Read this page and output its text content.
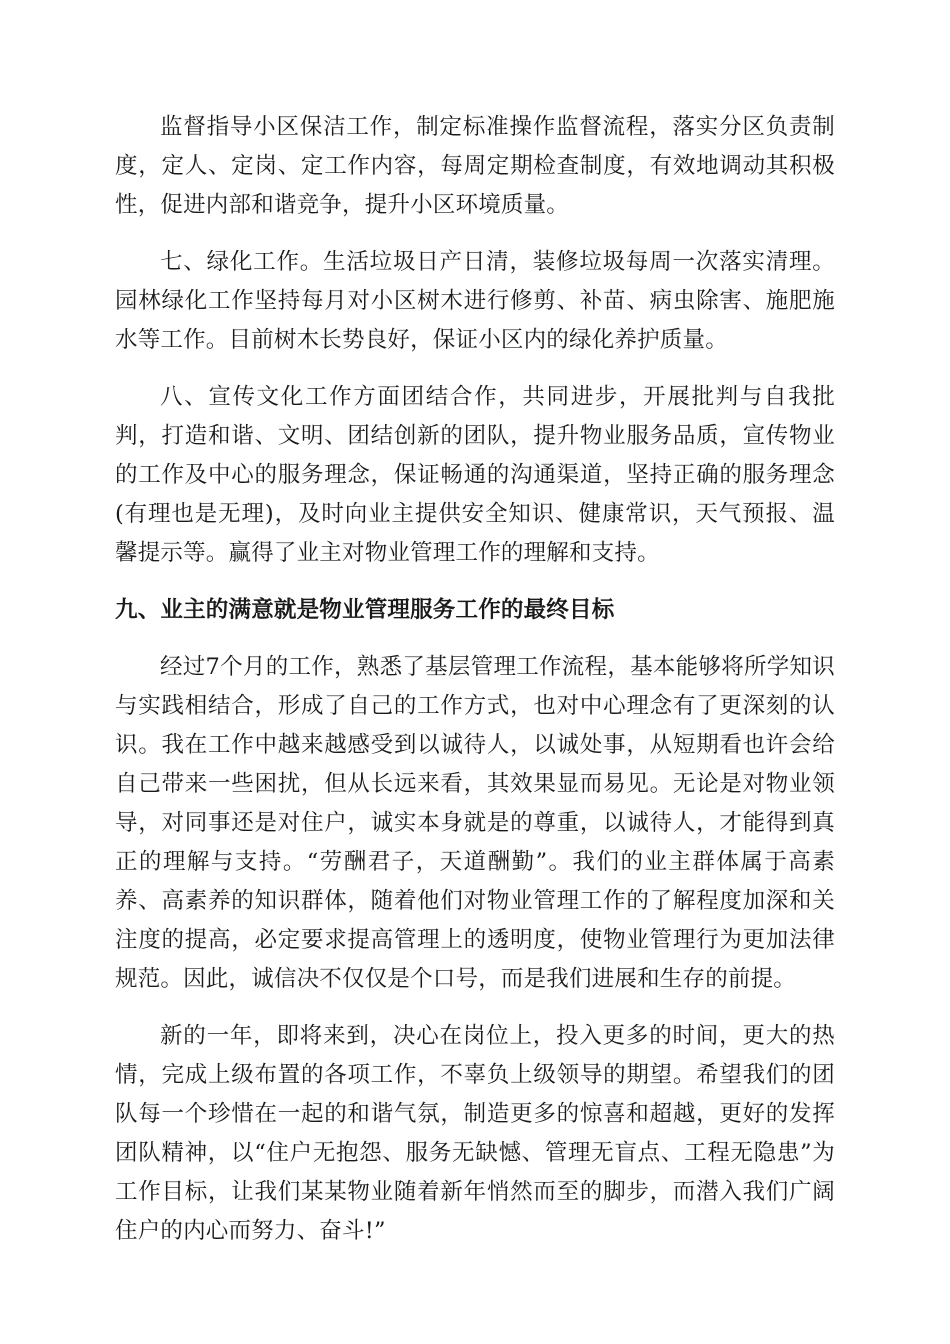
监督指导小区保洁工作，制定标准操作监督流程，落实分区负责制度，定人、定岗、定工作内容，每周定期检查制度，有效地调动其积极性，促进内部和谐竞争，提升小区环境质量。

七、绿化工作。生活垃圾日产日清，装修垃圾每周一次落实清理。园林绿化工作坚持每月对小区树木进行修剪、补苗、病虫除害、施肥施水等工作。目前树木长势良好，保证小区内的绿化养护质量。

八、宣传文化工作方面团结合作，共同进步，开展批判与自我批判，打造和谐、文明、团结创新的团队，提升物业服务品质，宣传物业的工作及中心的服务理念，保证畅通的沟通渠道，坚持正确的服务理念(有理也是无理)，及时向业主提供安全知识、健康常识，天气预报、温馨提示等。赢得了业主对物业管理工作的理解和支持。

九、业主的满意就是物业管理服务工作的最终目标

经过7个月的工作，熟悉了基层管理工作流程，基本能够将所学知识与实践相结合，形成了自己的工作方式，也对中心理念有了更深刻的认识。我在工作中越来越感受到以诚待人，以诚处事，从短期看也许会给自己带来一些困扰，但从长远来看，其效果显而易见。无论是对物业领导，对同事还是对住户，诚实本身就是的尊重，以诚待人，才能得到真正的理解与支持。“劳酬君子，天道酬勤”。我们的业主群体属于高素养、高素养的知识群体，随着他们对物业管理工作的了解程度加深和关注度的提高，必定要求提高管理上的透明度，使物业管理行为更加法律规范。因此，诚信决不仅仅是个口号，而是我们进展和生存的前提。

新的一年，即将来到，决心在岗位上，投入更多的时间，更大的热情，完成上级布置的各项工作，不辜负上级领导的期望。希望我们的团队每一个珍惜在一起的和谐气氛，制造更多的惊喜和超越，更好的发挥团队精神，以“住户无抱怨、服务无缺憾、管理无盲点、工程无隐患”为工作目标，让我们某某物业随着新年悄然而至的脚步，而潜入我们广阔住户的内心而努力、奋斗!”
